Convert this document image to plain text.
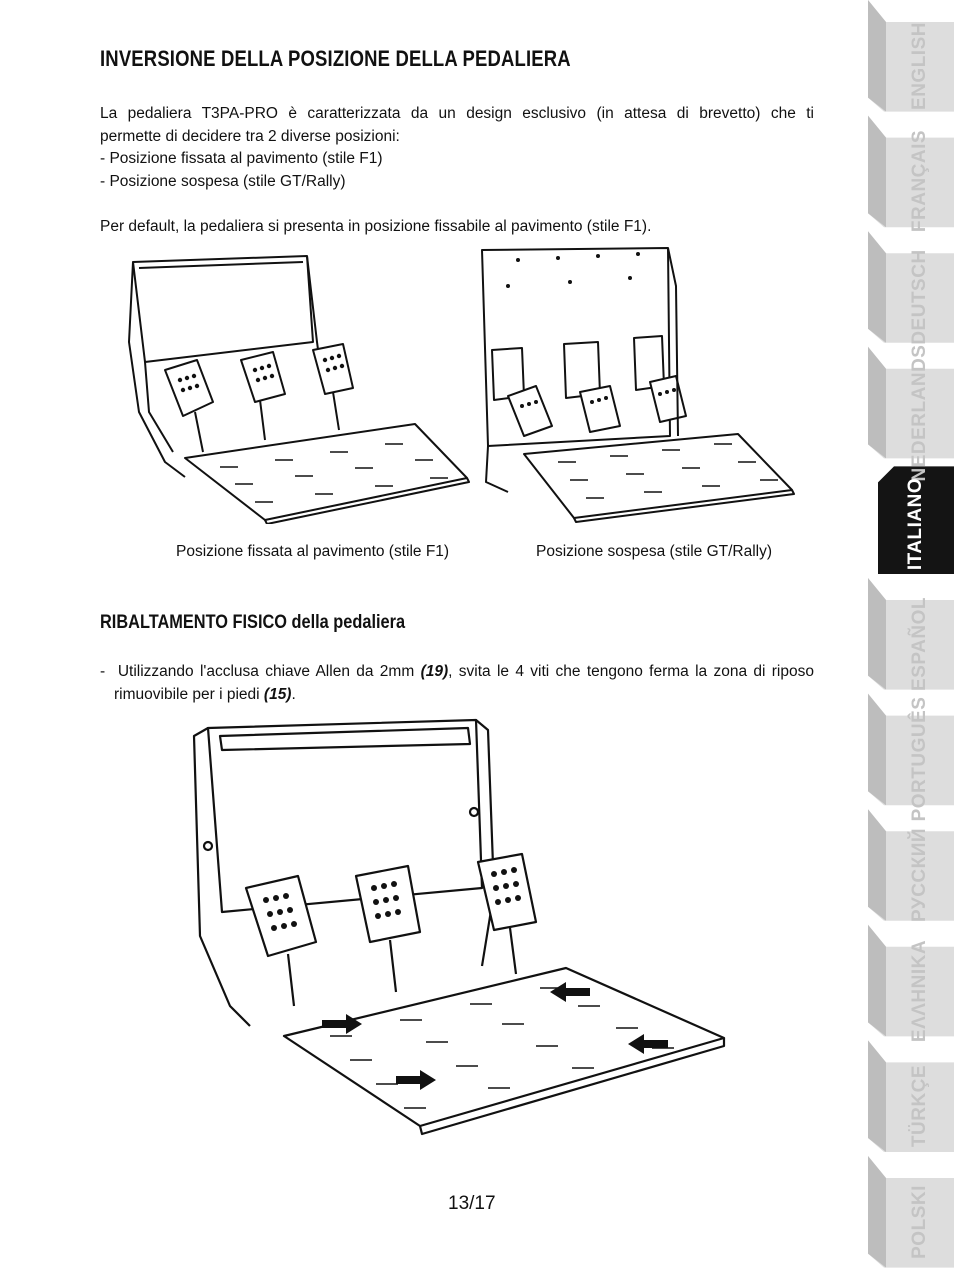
INVERSIONE DELLA POSIZIONE DELLA PEDALIERA

La pedaliera T3PA-PRO è caratterizzata da un design esclusivo (in attesa di brevetto) che ti
permette di decidere tra 2 diverse posizioni:
- Posizione fissata al pavimento (stile F1)
- Posizione sospesa (stile GT/Rally)

Per default, la pedaliera si presenta in posizione fissabile al pavimento (stile F1).

Posizione fissata al pavimento (stile F1)	Posizione sospesa (stile GT/Rally)
RIBALTAMENTO FISICO della pedaliera

- Utilizzando l'acclusa chiave Allen da 2mm (19), svita le 4 viti che tengono ferma la zona di riposo
rimuovibile per i piedi (15).

13/17
ENGLISH
FRANÇAIS
DEUTSCH
NEDERLANDS
ITALIANO
ESPAÑOL
PORTUGUÊS
РУССКИЙ
ΕΛΛΗΝΙΚΑ
TÜRKÇE
POLSKI
